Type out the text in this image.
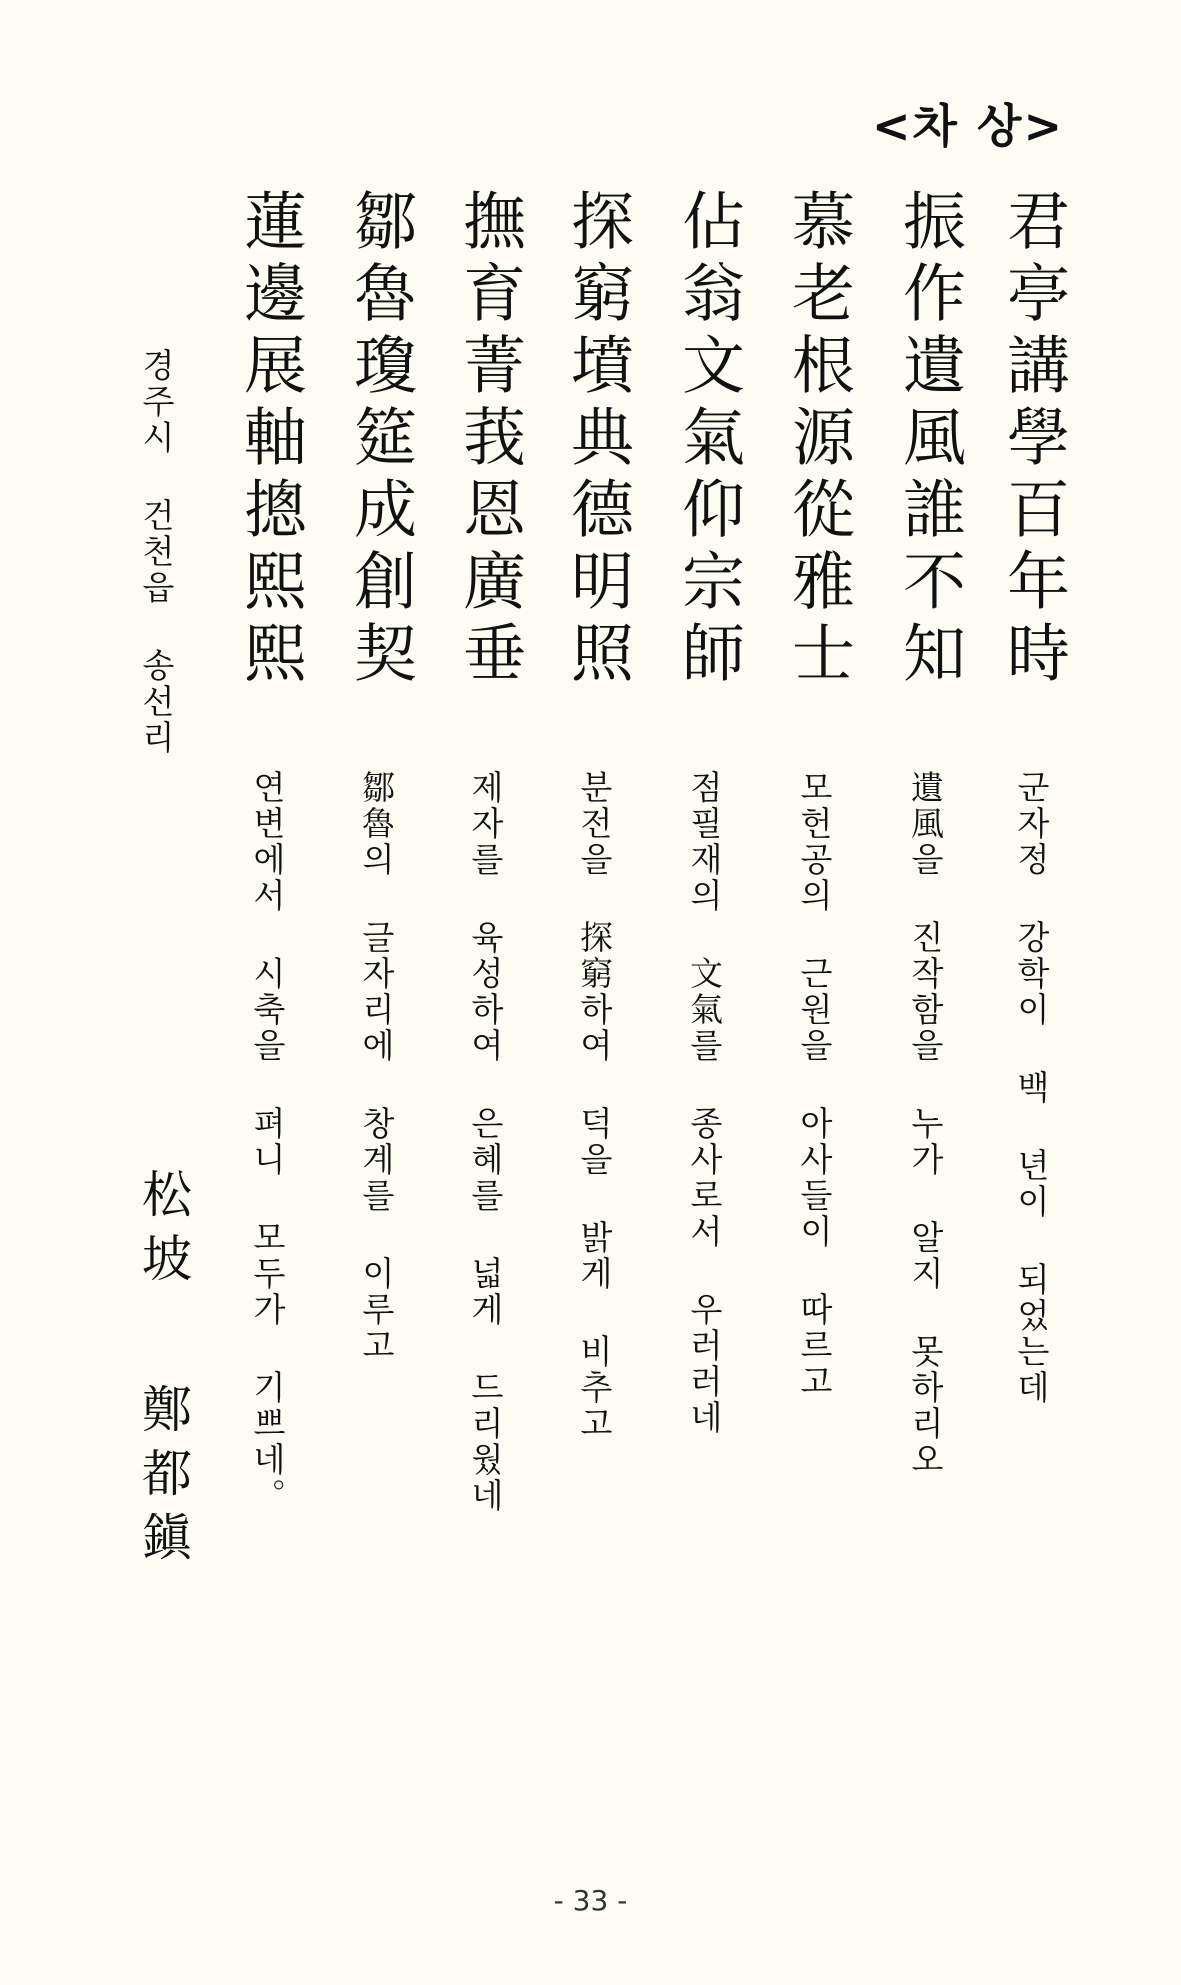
<차 상>
君亭講學百年時
振作遺風誰不知
慕老根源從雅士
佔翁文氣仰宗師
探窮墳典德明照
撫育菁莪恩廣垂
鄒魯瓊筵成創契
蓮邊展軸摠熙熙
군자정 강학이 백 년이 되었는데
遺風을 진작함을 누가 알지 못하리오
모헌공의 근원을 아사들이 따르고
점필재의 文氣를 종사로서 우러러네
분전을 探窮하여 덕을 밝게 비추고
제자를 육성하여 은혜를 넓게 드리웠네
鄒魯의 글자리에 창계를 이루고
연변에서 시축을 펴니 모두가 기쁘네。
경주시 건천읍 송선리
松坡
鄭都鎭
- 33 -
